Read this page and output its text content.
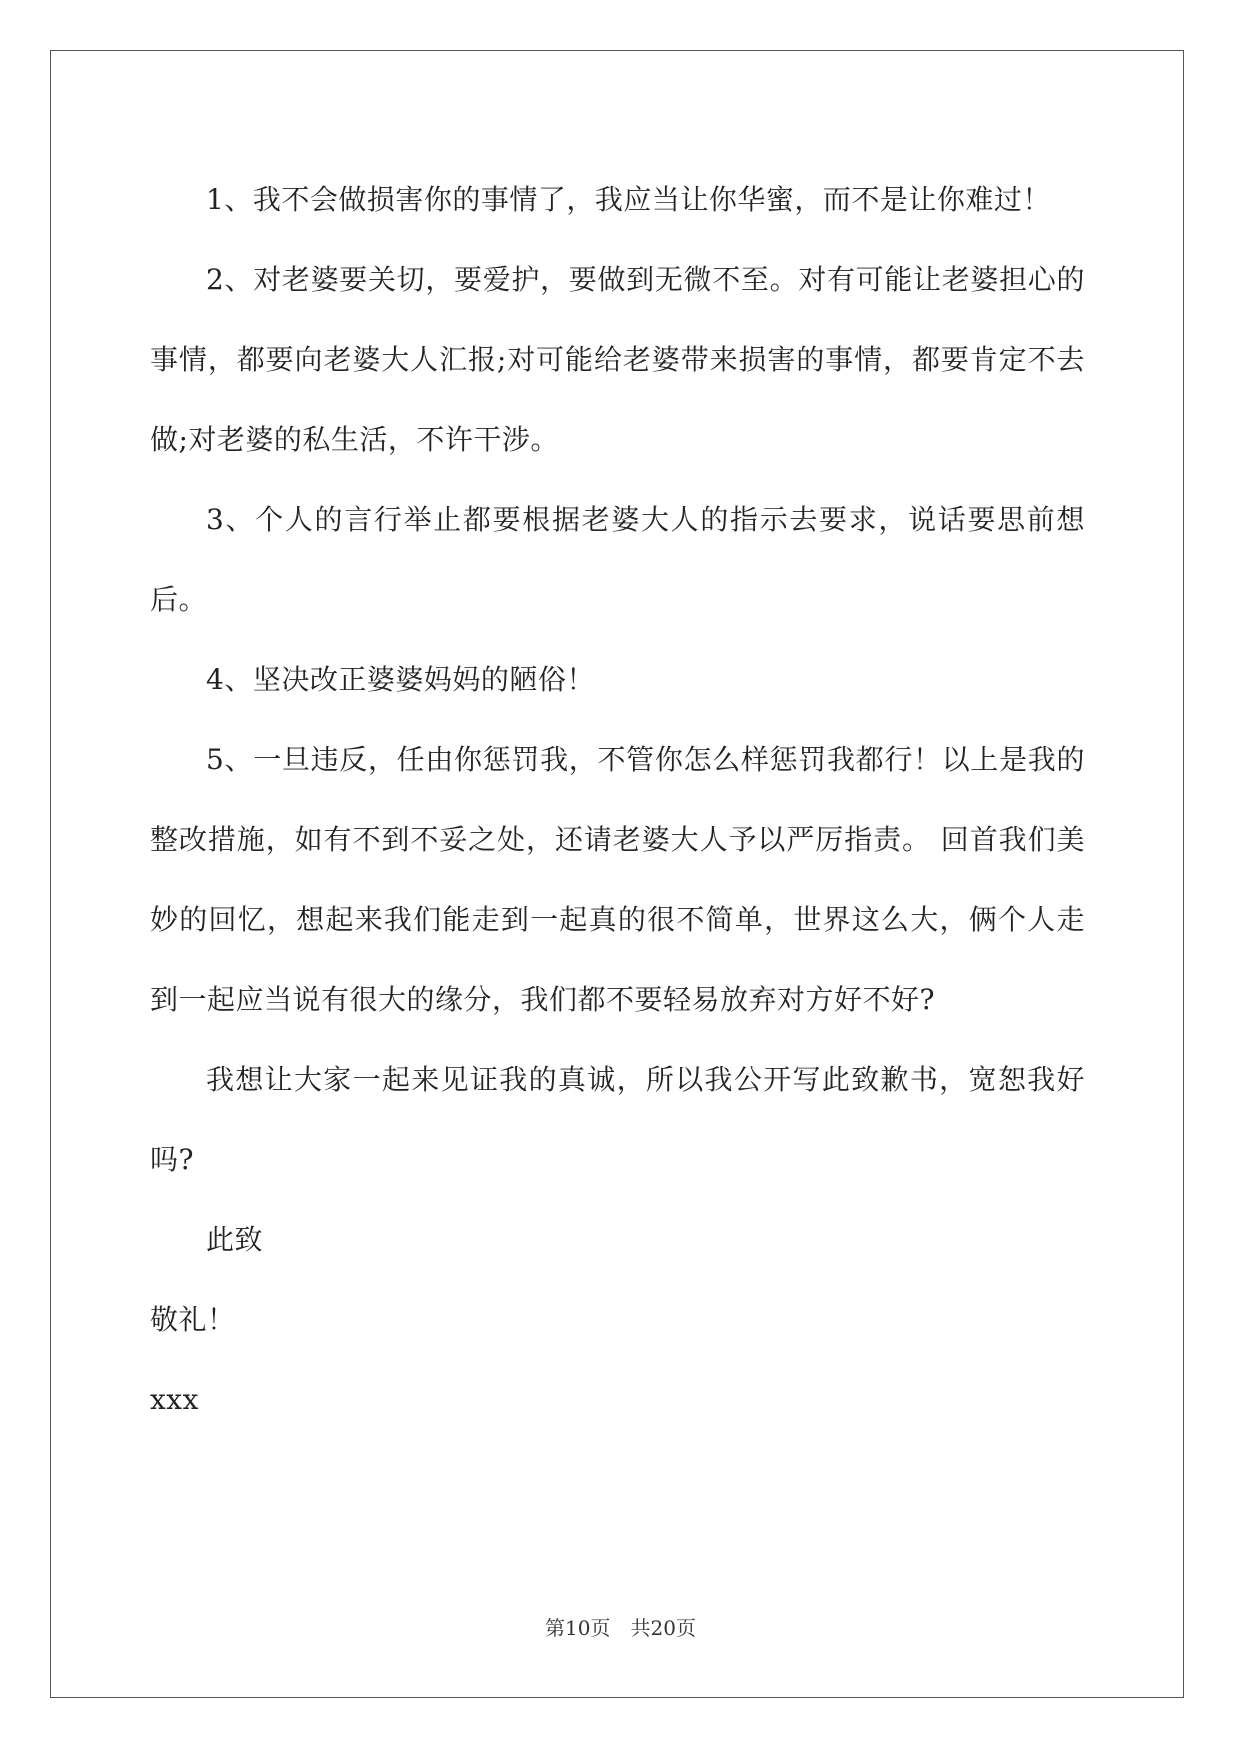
1、我不会做损害你的事情了，我应当让你华蜜，而不是让你难过！

2、对老婆要关切，要爱护，要做到无微不至。对有可能让老婆担心的事情，都要向老婆大人汇报;对可能给老婆带来损害的事情，都要肯定不去做;对老婆的私生活，不许干涉。

3、个人的言行举止都要根据老婆大人的指示去要求，说话要思前想后。

4、坚决改正婆婆妈妈的陋俗！

5、一旦违反，任由你惩罚我，不管你怎么样惩罚我都行！以上是我的整改措施，如有不到不妥之处，还请老婆大人予以严厉指责。 回首我们美妙的回忆，想起来我们能走到一起真的很不简单，世界这么大，俩个人走到一起应当说有很大的缘分，我们都不要轻易放弃对方好不好?

我想让大家一起来见证我的真诚，所以我公开写此致歉书，宽恕我好吗?

此致

敬礼！

xxx

第10页　共20页
